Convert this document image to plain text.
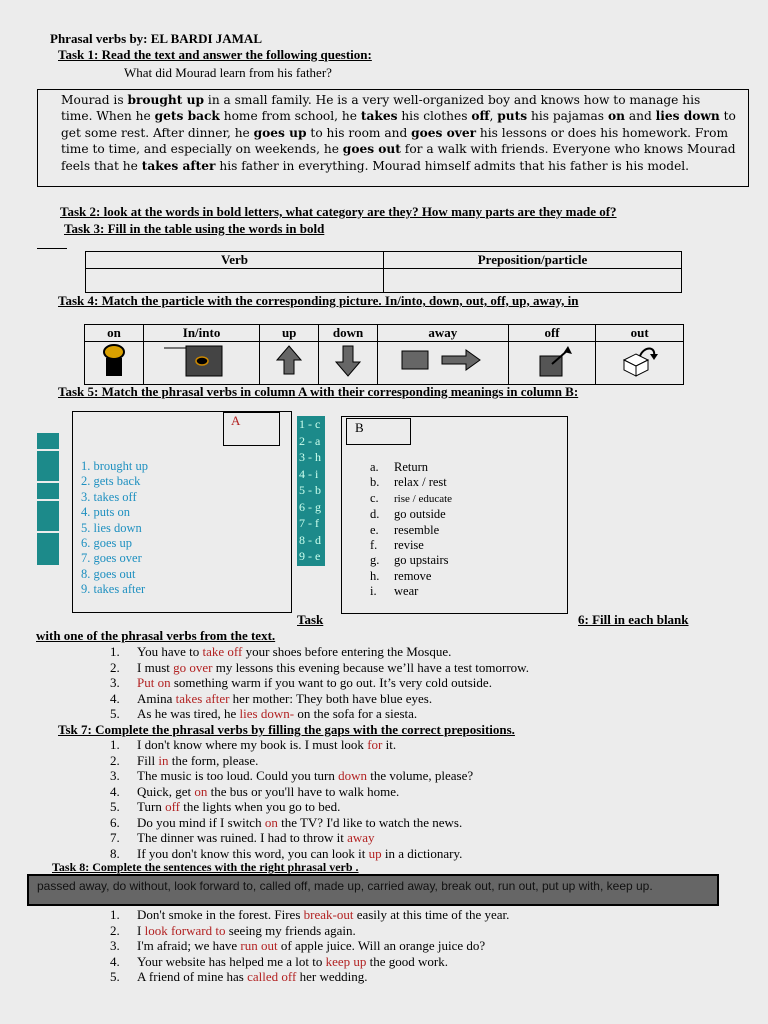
Phrasal verbs by: EL BARDI JAMAL
Task 1: Read the text and answer the following question:
What did Mourad learn from his father?
Mourad is brought up in a small family. He is a very well-organized boy and knows how to manage his
time. When he gets back home from school, he takes his clothes off, puts his pajamas on and lies down to
get some rest. After dinner, he goes up to his room and goes over his lessons or does his homework. From
time to time, and especially on weekends, he goes out for a walk with friends. Everyone who knows Mourad
feels that he takes after his father in everything. Mourad himself admits that his father is his model.
Task 2: look at the words in bold letters, what category are they? How many parts are they made of?
Task 3: Fill in the table using the words in bold
Verb	Preposition/particle

Task 4: Match the particle with the corresponding picture. In/into, down, out, off, up, away, in
on	In/into	up	down	away	off	out

Task 5: Match the phrasal verbs in column A with their corresponding meanings in column B:
A
1. brought up
2. gets back
3. takes off
4. puts on
5. lies down
6. goes up
7. goes over
8. goes out
9. takes after
1 - c
2 - a
3 - h
4 - i
5 - b
6 - g
7 - f
8 - d
9 - e
B
a. Return
b. relax / rest
c. rise / educate
d. go outside
e. resemble
f. revise
g. go upstairs
h. remove
i. wear
Task	6: Fill in each blank
with one of the phrasal verbs from the text.
1. You have to take off your shoes before entering the Mosque.
2. I must go over my lessons this evening because we’ll have a test tomorrow.
3. Put on something warm if you want to go out. It’s very cold outside.
4. Amina takes after her mother: They both have blue eyes.
5. As he was tired, he lies down- on the sofa for a siesta.
Tsk 7: Complete the phrasal verbs by filling the gaps with the correct prepositions.
1. I don't know where my book is. I must look for it.
2. Fill in the form, please.
3. The music is too loud. Could you turn down the volume, please?
4. Quick, get on the bus or you'll have to walk home.
5. Turn off the lights when you go to bed.
6. Do you mind if I switch on the TV? I'd like to watch the news.
7. The dinner was ruined. I had to throw it away
8. If you don't know this word, you can look it up in a dictionary.
Task 8: Complete the sentences with the right phrasal verb .
passed away, do without, look forward to, called off, made up, carried away, break out, run out, put up with, keep up.
1. Don't smoke in the forest. Fires break-out easily at this time of the year.
2. I look forward to seeing my friends again.
3. I'm afraid; we have run out of apple juice. Will an orange juice do?
4. Your website has helped me a lot to keep up the good work.
5. A friend of mine has called off her wedding.
